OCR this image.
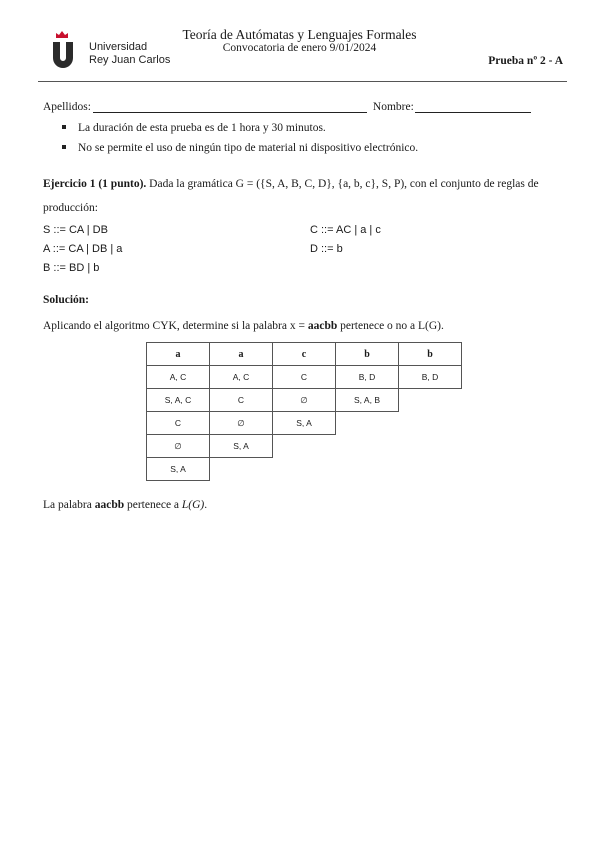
Universidad
Rey Juan Carlos
Teoría de Autómatas y Lenguajes Formales
Convocatoria de enero 9/01/2024
Prueba nº 2 - A
Apellidos:	Nombre:
La duración de esta prueba es de 1 hora y 30 minutos.
No se permite el uso de ningún tipo de material ni dispositivo electrónico.
Ejercicio 1 (1 punto). Dada la gramática G = ({S, A, B, C, D}, {a, b, c}, S, P), con el conjunto de reglas de producción:
S ::= CA | DB
A ::= CA | DB | a
B ::= BD | b
C ::= AC | a | c
D ::= b
Solución:
Aplicando el algoritmo CYK, determine si la palabra x = aacbb pertenece o no a L(G).
a	a	c	b	b
A, C	A, C	C	B, D	B, D
S, A, C	C	∅	S, A, B	
C	∅	S, A		
∅	S, A			
S, A				
La palabra aacbb pertenece a L(G).
